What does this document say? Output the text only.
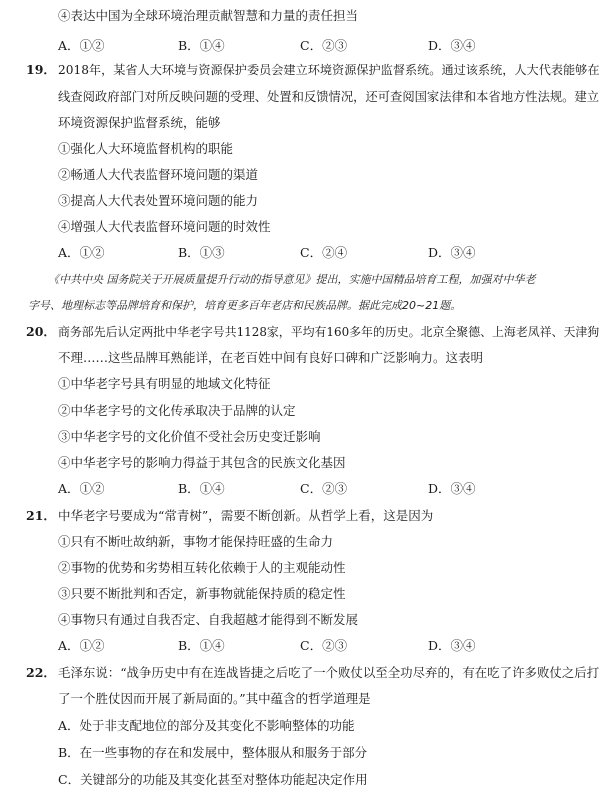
④表达中国为全球环境治理贡献智慧和力量的责任担当
A．①②	B．①④	C．②③	D．③④
19． 2018年，某省人大环境与资源保护委员会建立环境资源保护监督系统。通过该系统，人大代表能够在
线查阅政府部门对所反映问题的受理、处置和反馈情况，还可查阅国家法律和本省地方性法规。建立
环境资源保护监督系统，能够
①强化人大环境监督机构的职能
②畅通人大代表监督环境问题的渠道
③提高人大代表处置环境问题的能力
④增强人大代表监督环境问题的时效性
A．①②	B．①③	C．②④	D．③④
《中共中央 国务院关于开展质量提升行动的指导意见》提出，实施中国精品培育工程，加强对中华老
字号、地理标志等品牌培育和保护，培育更多百年老店和民族品牌。据此完成20~21题。
20． 商务部先后认定两批中华老字号共1128家，平均有160多年的历史。北京全聚德、上海老凤祥、天津狗
不理……这些品牌耳熟能详，在老百姓中间有良好口碑和广泛影响力。这表明
①中华老字号具有明显的地域文化特征
②中华老字号的文化传承取决于品牌的认定
③中华老字号的文化价值不受社会历史变迁影响
④中华老字号的影响力得益于其包含的民族文化基因
A．①②	B．①④	C．②③	D．③④
21． 中华老字号要成为“常青树”，需要不断创新。从哲学上看，这是因为
①只有不断吐故纳新，事物才能保持旺盛的生命力
②事物的优势和劣势相互转化依赖于人的主观能动性
③只要不断批判和否定，新事物就能保持质的稳定性
④事物只有通过自我否定、自我超越才能得到不断发展
A．①②	B．①④	C．②③	D．③④
22． 毛泽东说：“战争历史中有在连战皆捷之后吃了一个败仗以至全功尽弃的，有在吃了许多败仗之后打
了一个胜仗因而开展了新局面的。”其中蕴含的哲学道理是
A．处于非支配地位的部分及其变化不影响整体的功能
B．在一些事物的存在和发展中，整体服从和服务于部分
C．关键部分的功能及其变化甚至对整体功能起决定作用
